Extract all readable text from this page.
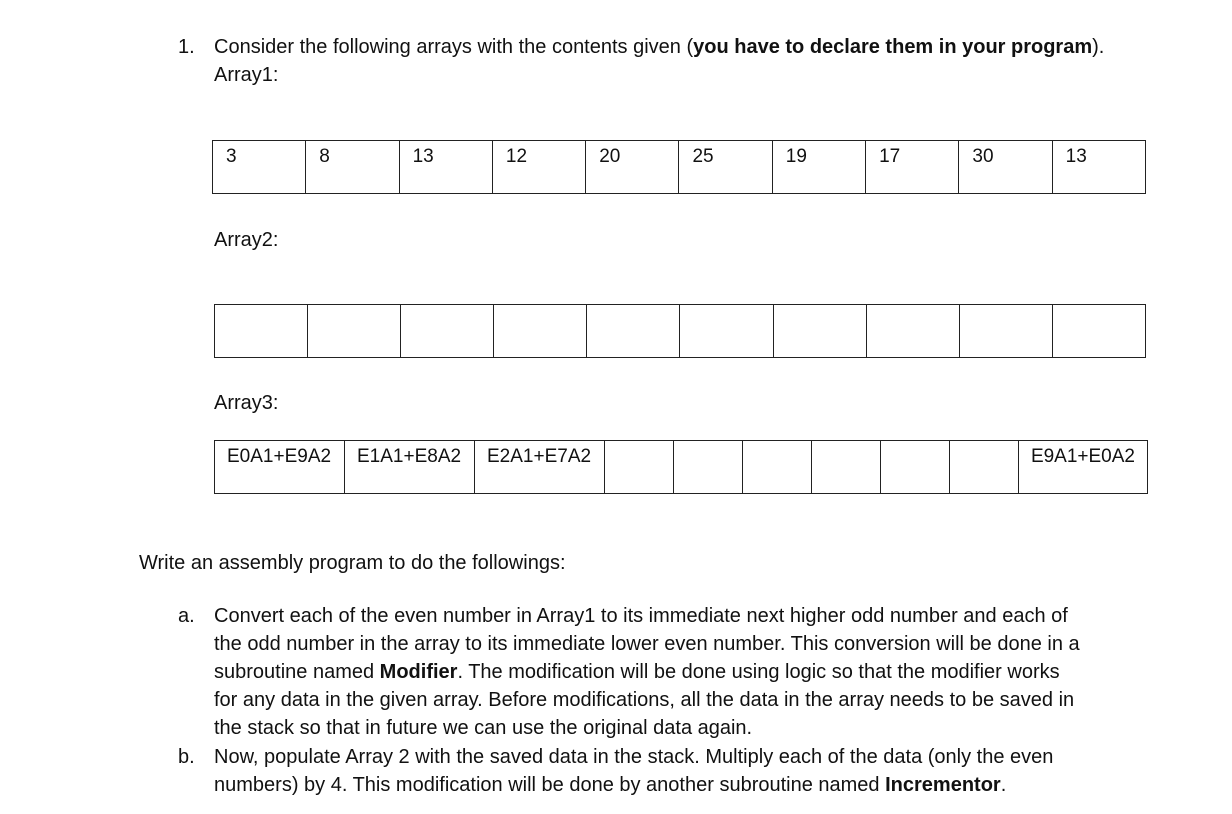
1. Consider the following arrays with the contents given (you have to declare them in your program).
Array1:
3	8	13	12	20	25	19	17	30	13
Array2:

Array3:
E0A1+E9A2	E1A1+E8A2	E2A1+E7A2							E9A1+E0A2
Write an assembly program to do the followings:
a. Convert each of the even number in Array1 to its immediate next higher odd number and each of
the odd number in the array to its immediate lower even number. This conversion will be done in a
subroutine named Modifier. The modification will be done using logic so that the modifier works
for any data in the given array. Before modifications, all the data in the array needs to be saved in
the stack so that in future we can use the original data again.
b. Now, populate Array 2 with the saved data in the stack. Multiply each of the data (only the even
numbers) by 4. This modification will be done by another subroutine named Incrementor.
